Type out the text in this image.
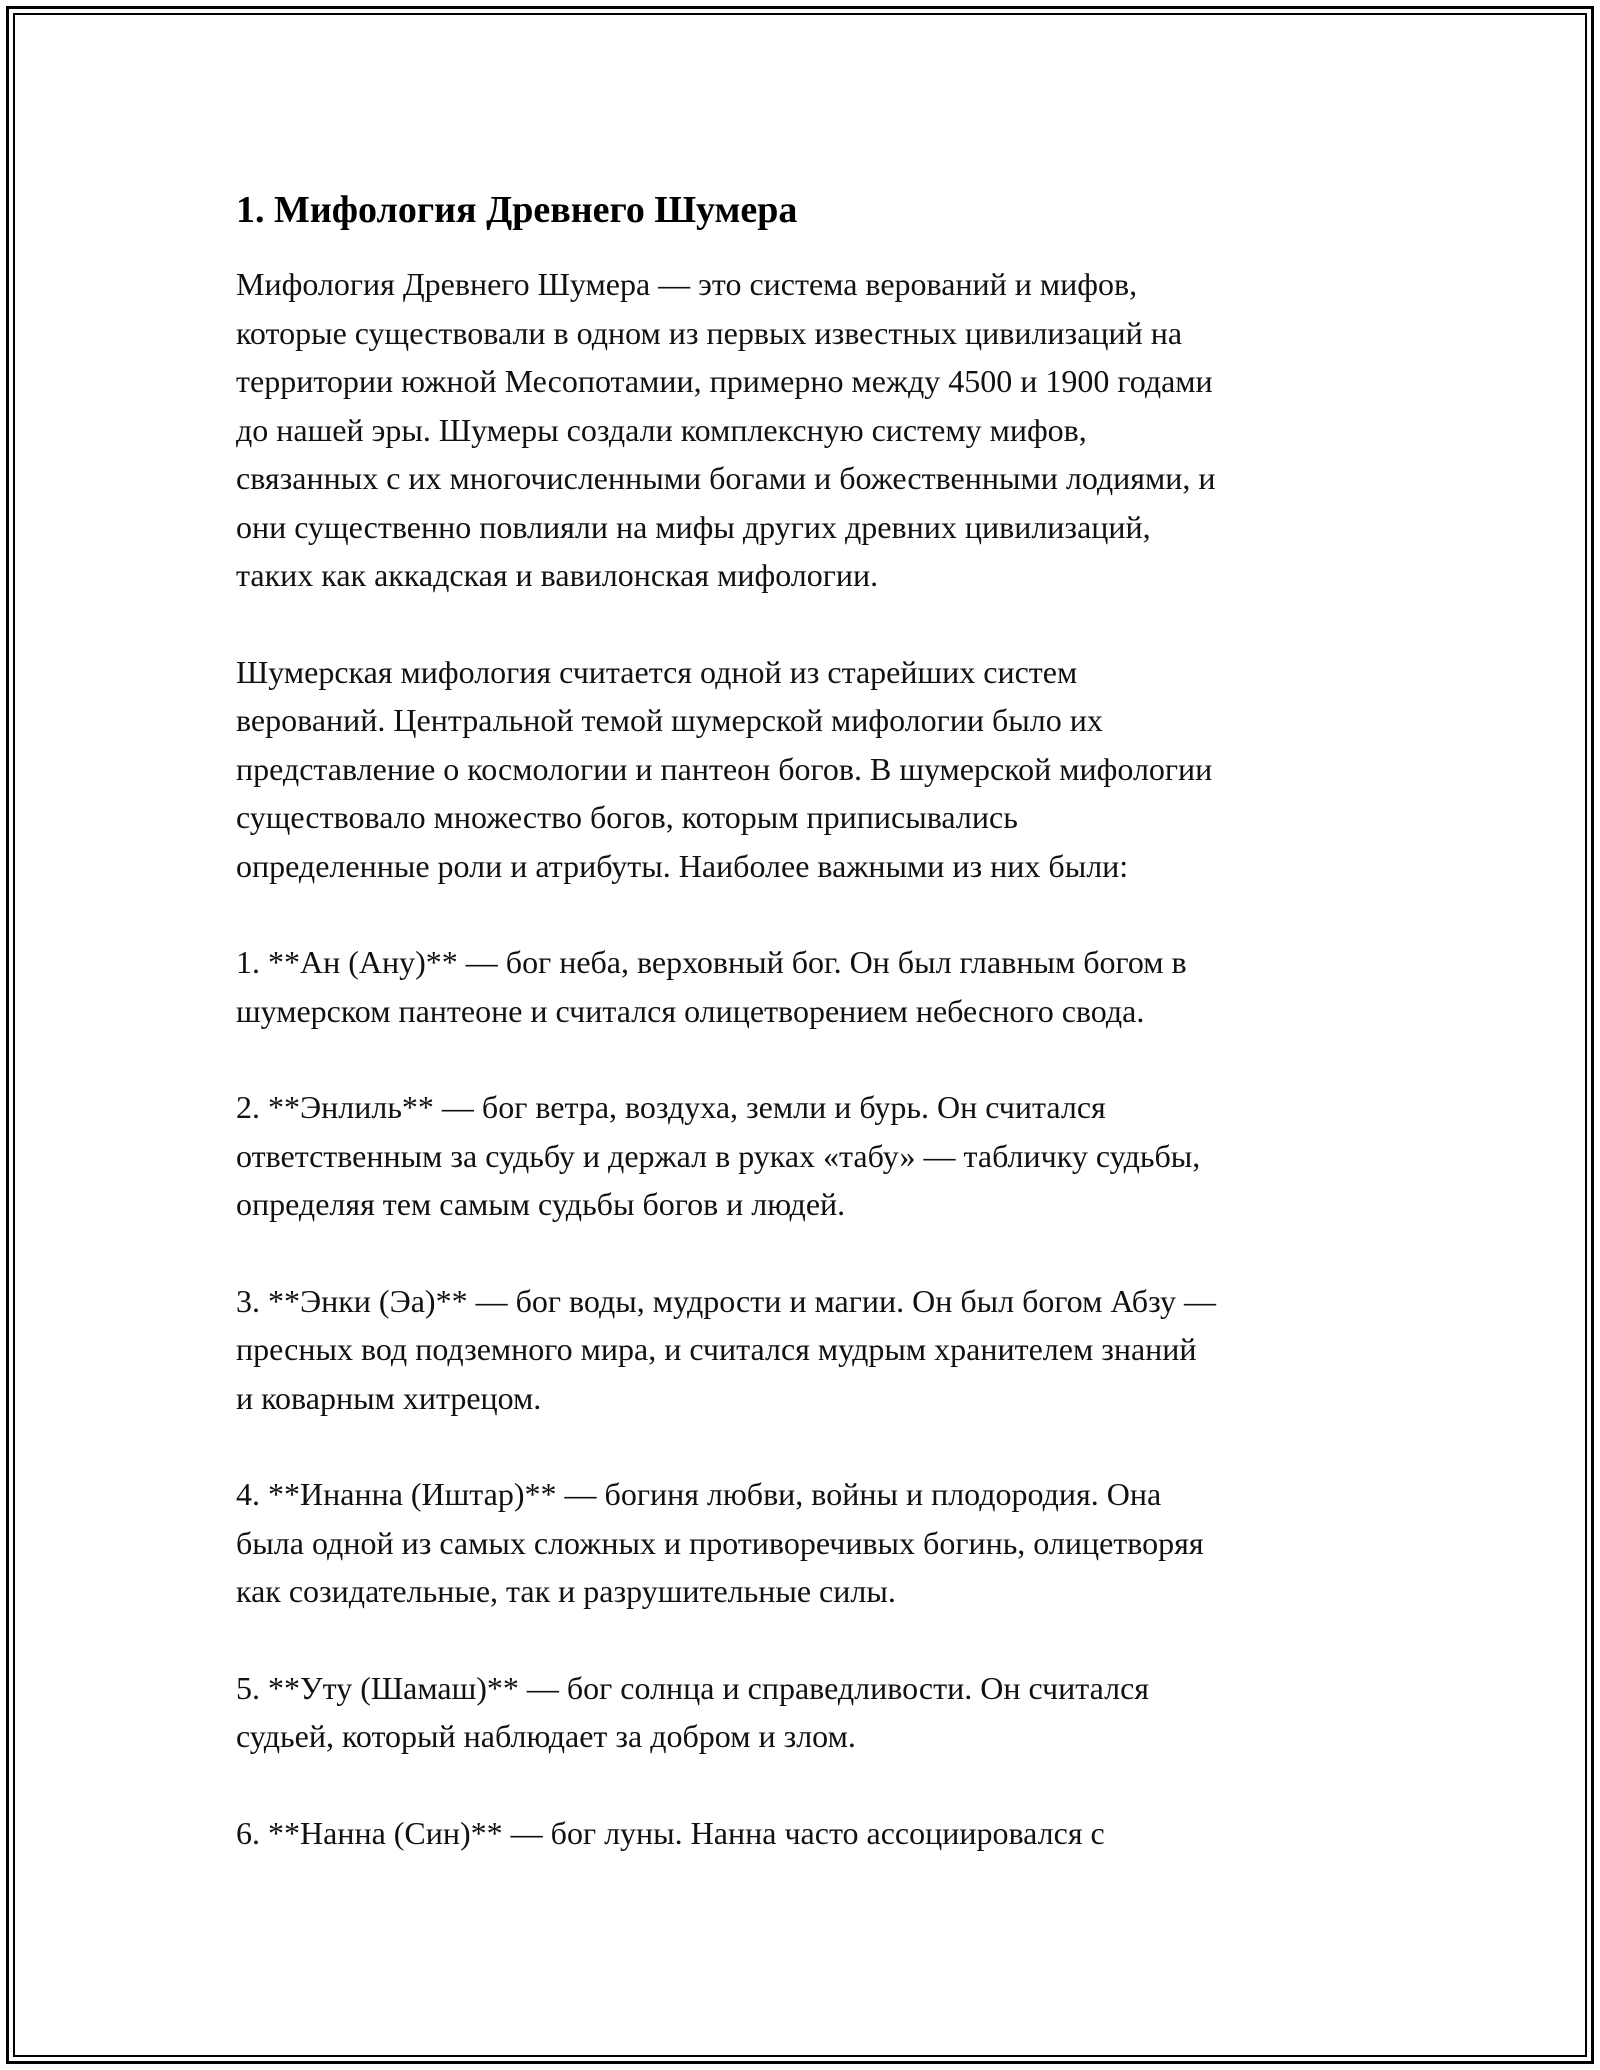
1. Мифология Древнего Шумера

Мифология Древнего Шумера — это система верований и мифов,
которые существовали в одном из первых известных цивилизаций на
территории южной Месопотамии, примерно между 4500 и 1900 годами
до нашей эры. Шумеры создали комплексную систему мифов,
связанных с их многочисленными богами и божественными лодиями, и
они существенно повлияли на мифы других древних цивилизаций,
таких как аккадская и вавилонская мифологии.

Шумерская мифология считается одной из старейших систем
верований. Центральной темой шумерской мифологии было их
представление о космологии и пантеон богов. В шумерской мифологии
существовало множество богов, которым приписывались
определенные роли и атрибуты. Наиболее важными из них были:

1. **Ан (Ану)** — бог неба, верховный бог. Он был главным богом в
шумерском пантеоне и считался олицетворением небесного свода.

2. **Энлиль** — бог ветра, воздуха, земли и бурь. Он считался
ответственным за судьбу и держал в руках «табу» — табличку судьбы,
определяя тем самым судьбы богов и людей.

3. **Энки (Эа)** — бог воды, мудрости и магии. Он был богом Абзу —
пресных вод подземного мира, и считался мудрым хранителем знаний
и коварным хитрецом.

4. **Инанна (Иштар)** — богиня любви, войны и плодородия. Она
была одной из самых сложных и противоречивых богинь, олицетворяя
как созидательные, так и разрушительные силы.

5. **Уту (Шамаш)** — бог солнца и справедливости. Он считался
судьей, который наблюдает за добром и злом.

6. **Нанна (Син)** — бог луны. Нанна часто ассоциировался с
